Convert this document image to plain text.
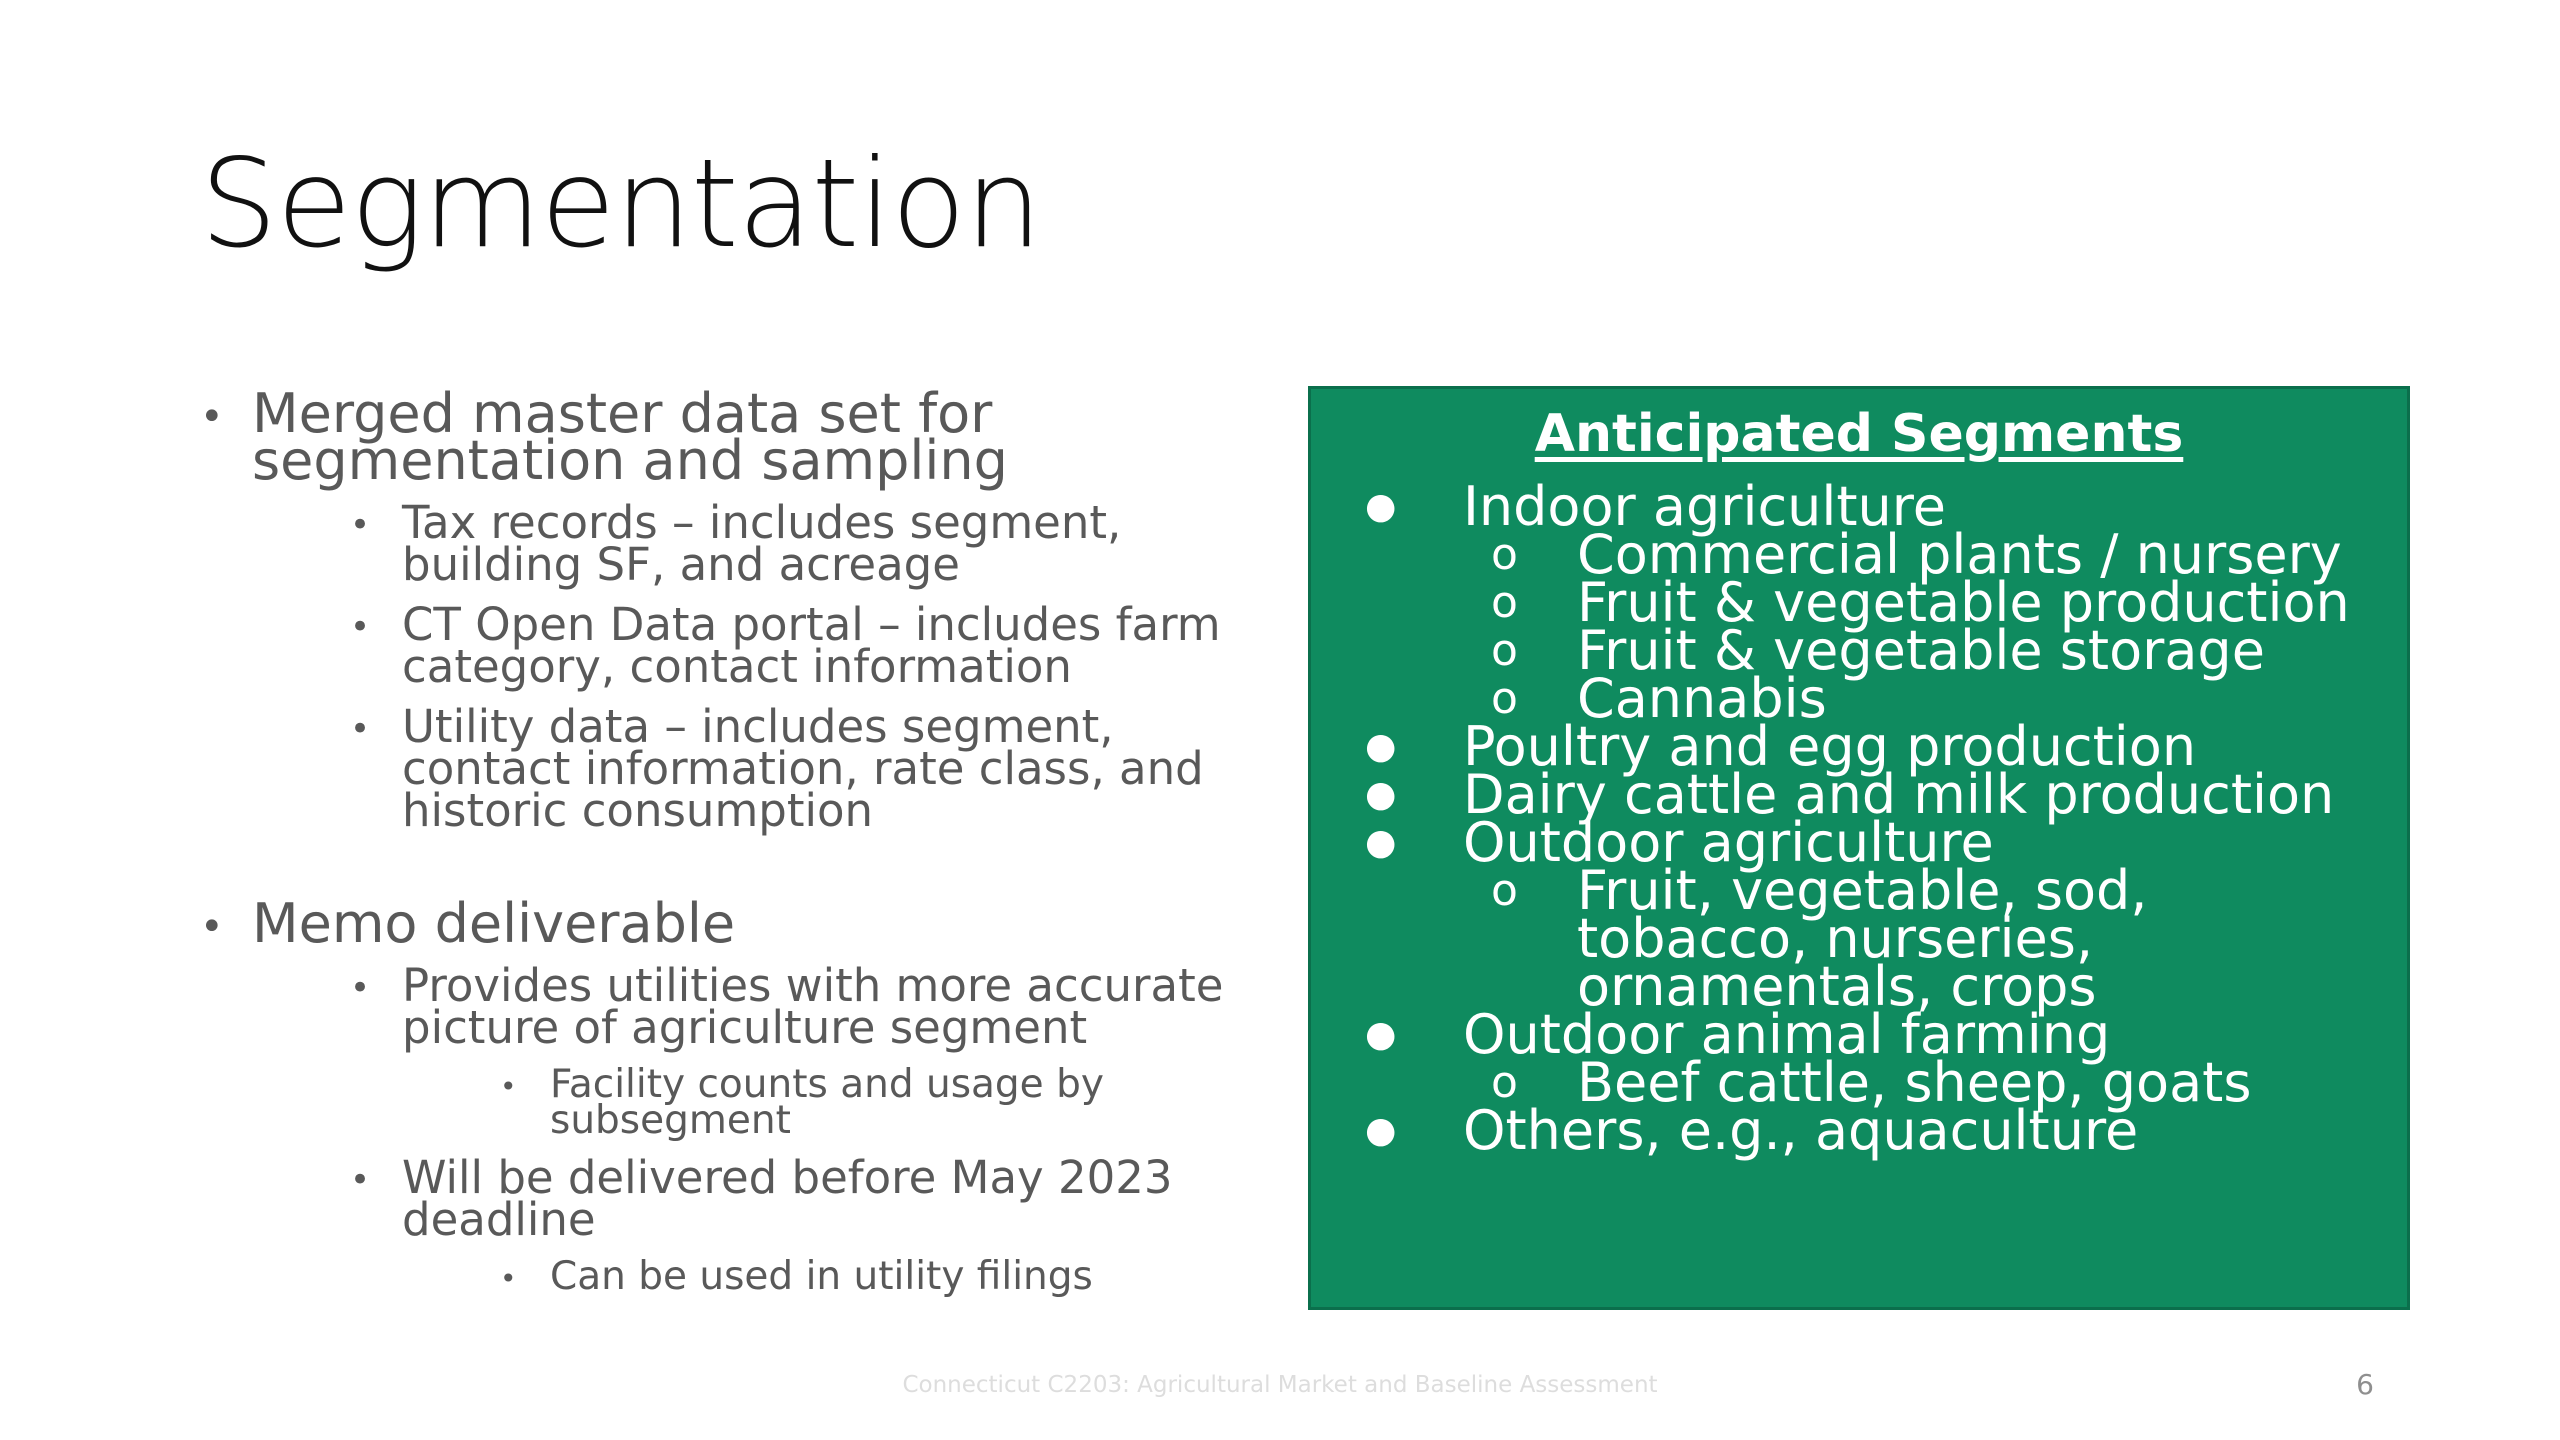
Segmentation
• Merged master data set for segmentation and sampling
• Tax records – includes segment, building SF, and acreage
• CT Open Data portal – includes farm category, contact information
• Utility data – includes segment, contact information, rate class, and historic consumption
• Memo deliverable
• Provides utilities with more accurate picture of agriculture segment
• Facility counts and usage by subsegment
• Will be delivered before May 2023 deadline
• Can be used in utility filings
Anticipated Segments
● Indoor agriculture
o Commercial plants / nursery
o Fruit & vegetable production
o Fruit & vegetable storage
o Cannabis
● Poultry and egg production
● Dairy cattle and milk production
● Outdoor agriculture
o Fruit, vegetable, sod, tobacco, nurseries, ornamentals, crops
● Outdoor animal farming
o Beef cattle, sheep, goats
● Others, e.g., aquaculture
Connecticut C2203: Agricultural Market and Baseline Assessment	6
